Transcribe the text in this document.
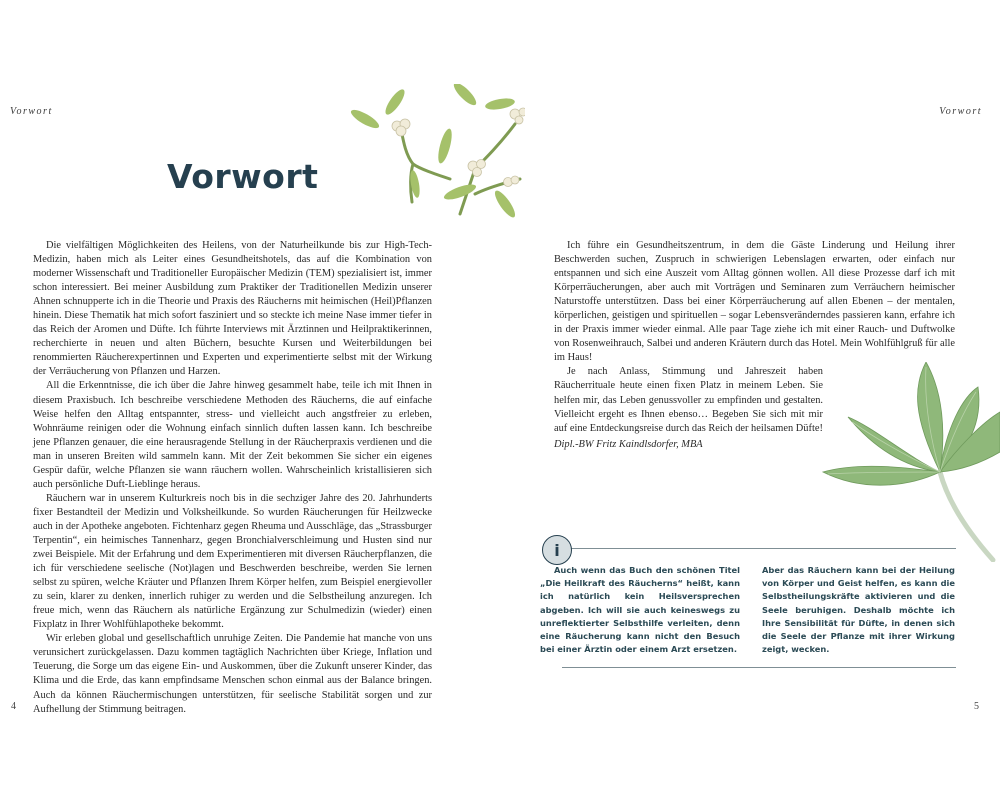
Vorwort	Vorwort
Vorwort

Die vielfältigen Möglichkeiten des Heilens, von der Naturheilkunde bis zur High-Tech-Medizin, haben mich als Leiter eines Gesundheitshotels, das auf die Kombination von moderner Wissenschaft und Traditioneller Europäischer Medizin (TEM) spezialisiert ist, immer schon interessiert. Bei meiner Ausbildung zum Praktiker der Traditionellen Medizin unserer Ahnen schnupperte ich in die Theorie und Praxis des Räucherns mit heimischen (Heil)Pflanzen hinein. Diese Thematik hat mich sofort fasziniert und so steckte ich meine Nase immer tiefer in das Reich der Aromen und Düfte. Ich führte Interviews mit Ärztinnen und Heilpraktikerinnen, recherchierte in neuen und alten Büchern, besuchte Kursen und Weiterbildungen bei renommierten Räucherexpertinnen und Experten und experimentierte selbst mit der Wirkung der Verräucherung von Pflanzen und Harzen.

All die Erkenntnisse, die ich über die Jahre hinweg gesammelt habe, teile ich mit Ihnen in diesem Praxisbuch. Ich beschreibe verschiedene Methoden des Räucherns, die auf einfache Weise helfen den Alltag entspannter, stress- und vielleicht auch angstfreier zu erleben, Wohnräume reinigen oder die Wohnung einfach sinnlich duften lassen kann. Ich beschreibe jene Pflanzen genauer, die eine herausragende Stellung in der Räucherpraxis verdienen und die man in unseren Breiten wild sammeln kann. Mit der Zeit bekommen Sie sicher ein eigenes Gespür dafür, welche Pflanzen sie wann räuchern wollen. Wahrscheinlich kristallisieren sich auch persönliche Duft-Lieblinge heraus.

Räuchern war in unserem Kulturkreis noch bis in die sechziger Jahre des 20. Jahrhunderts fixer Bestandteil der Medizin und Volksheilkunde. So wurden Räucherungen für Heilzwecke auch in der Apotheke angeboten. Fichtenharz gegen Rheuma und Ausschläge, das „Strassburger Terpentin“, ein heimisches Tannenharz, gegen Bronchialverschleimung und Husten sind nur zwei Beispiele. Mit der Erfahrung und dem Experimentieren mit diversen Räucherpflanzen, die ich für verschiedene seelische (Not)lagen und Beschwerden beschreibe, werden Sie lernen selbst zu spüren, welche Kräuter und Pflanzen Ihrem Körper helfen, zum Beispiel energievoller zu sein, klarer zu denken, innerlich ruhiger zu werden und die Selbstheilung anzuregen. Ich freue mich, wenn das Räuchern als natürliche Ergänzung zur Schulmedizin (wieder) einen Fixplatz in Ihrer Wohlfühlapotheke bekommt.

Wir erleben global und gesellschaftlich unruhige Zeiten. Die Pandemie hat manche von uns verunsichert zurückgelassen. Dazu kommen tagtäglich Nachrichten über Kriege, Inflation und Teuerung, die Sorge um das eigene Ein- und Auskommen, über die Zukunft unserer Kinder, das Klima und die Erde, das kann empfindsame Menschen schon einmal aus der Balance bringen. Auch da können Räuchermischungen unterstützen, für seelische Stabilität sorgen und zur Aufhellung der Stimmung beitragen.

Ich führe ein Gesundheitszentrum, in dem die Gäste Linderung und Heilung ihrer Beschwerden suchen, Zuspruch in schwierigen Lebenslagen erwarten, oder einfach nur entspannen und sich eine Auszeit vom Alltag gönnen wollen. All diese Prozesse darf ich mit Körperräucherungen, aber auch mit Vorträgen und Seminaren zum Verräuchern heimischer Naturstoffe unterstützen. Dass bei einer Körperräucherung auf allen Ebenen – der mentalen, körperlichen, geistigen und spirituellen – sogar Lebensveränderndes passieren kann, erfahre ich in der Praxis immer wieder einmal. Alle paar Tage ziehe ich mit einer Rauch- und Duftwolke von Rosenweihrauch, Salbei und anderen Kräutern durch das Hotel. Mein Wohlfühlgruß für alle im Haus!

Je nach Anlass, Stimmung und Jahreszeit haben Räucherrituale heute einen fixen Platz in meinem Leben. Sie helfen mir, das Leben genussvoller zu empfinden und gestalten. Vielleicht ergeht es Ihnen ebenso… Begeben Sie sich mit mir auf eine Entdeckungsreise durch das Reich der heilsamen Düfte!

Dipl.-BW Fritz Kaindlsdorfer, MBA

i
Auch wenn das Buch den schönen Titel „Die Heilkraft des Räucherns“ heißt, kann ich natürlich kein Heilsversprechen abgeben. Ich will sie auch keineswegs zu unreflektierter Selbsthilfe verleiten, denn eine Räucherung kann nicht den Besuch bei einer Ärztin oder einem Arzt ersetzen.
Aber das Räuchern kann bei der Heilung von Körper und Geist helfen, es kann die Selbstheilungskräfte aktivieren und die Seele beruhigen. Deshalb möchte ich Ihre Sensibilität für Düfte, in denen sich die Seele der Pflanze mit ihrer Wirkung zeigt, wecken.
4	5
